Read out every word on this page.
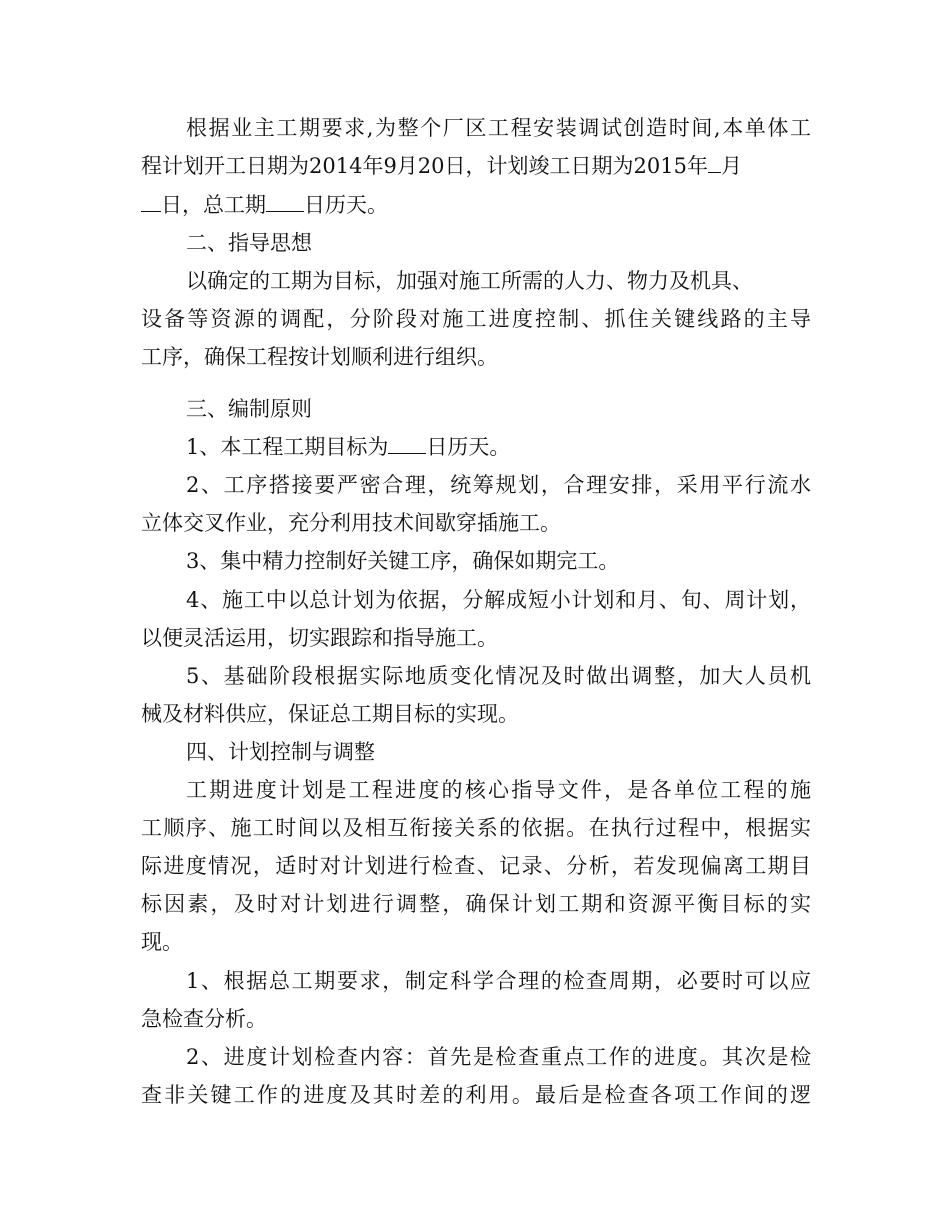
根据业主工期要求,为整个厂区工程安装调试创造时间,本单体工
程计划开工日期为2014年9月20日，计划竣工日期为2015年 月
日，总工期 日历天。
二、指导思想
以确定的工期为目标，加强对施工所需的人力、物力及机具、
设备等资源的调配，分阶段对施工进度控制、抓住关键线路的主导
工序，确保工程按计划顺利进行组织。
三、编制原则
1、本工程工期目标为 日历天。
2、工序搭接要严密合理，统筹规划，合理安排，采用平行流水
立体交叉作业，充分利用技术间歇穿插施工。
3、集中精力控制好关键工序，确保如期完工。
4、施工中以总计划为依据，分解成短小计划和月、旬、周计划，
以便灵活运用，切实跟踪和指导施工。
5、基础阶段根据实际地质变化情况及时做出调整，加大人员机
械及材料供应，保证总工期目标的实现。
四、计划控制与调整
工期进度计划是工程进度的核心指导文件，是各单位工程的施
工顺序、施工时间以及相互衔接关系的依据。在执行过程中，根据实
际进度情况，适时对计划进行检查、记录、分析，若发现偏离工期目
标因素，及时对计划进行调整，确保计划工期和资源平衡目标的实
现。
1、根据总工期要求，制定科学合理的检查周期，必要时可以应
急检查分析。
2、进度计划检查内容：首先是检查重点工作的进度。其次是检
查非关键工作的进度及其时差的利用。最后是检查各项工作间的逻
